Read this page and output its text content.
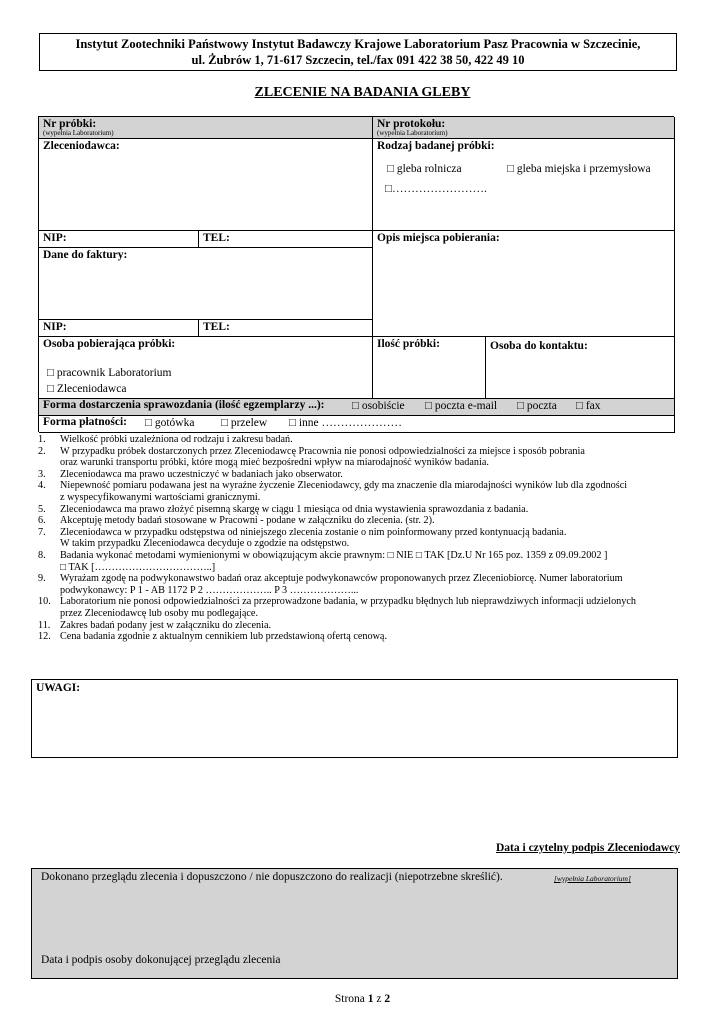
Instytut Zootechniki Państwowy Instytut Badawczy Krajowe Laboratorium Pasz Pracownia w Szczecinie,
ul. Żubrów 1, 71-617 Szczecin, tel./fax 091 422 38 50, 422 49 10
ZLECENIE NA BADANIA GLEBY
Nr próbki:
(wypełnia Laboratorium)
Nr protokołu:
(wypełnia Laboratorium)
Zleceniodawca:	Rodzaj badanej próbki:
□ gleba rolnicza	□ gleba miejska i przemysłowa
□…………………….
NIP:	TEL:	Opis miejsca pobierania:
Dane do faktury:
NIP:	TEL:
Osoba pobierająca próbki:
□ pracownik Laboratorium
□ Zleceniodawca
Ilość próbki:	Osoba do kontaktu:
Forma dostarczenia sprawozdania (ilość egzemplarzy ...): □ osobiście □ poczta e-mail □ poczta □ fax
Forma płatności: □ gotówka □ przelew □ inne …………………
1. Wielkość próbki uzależniona od rodzaju i zakresu badań.
2. W przypadku próbek dostarczonych przez Zleceniodawcę Pracownia nie ponosi odpowiedzialności za miejsce i sposób pobrania
oraz warunki transportu próbki, które mogą mieć bezpośredni wpływ na miarodajność wyników badania.
3. Zleceniodawca ma prawo uczestniczyć w badaniach jako obserwator.
4. Niepewność pomiaru podawana jest na wyraźne życzenie Zleceniodawcy, gdy ma znaczenie dla miarodajności wyników lub dla zgodności
z wyspecyfikowanymi wartościami granicznymi.
5. Zleceniodawca ma prawo złożyć pisemną skargę w ciągu 1 miesiąca od dnia wystawienia sprawozdania z badania.
6. Akceptuję metody badań stosowane w Pracowni - podane w załączniku do zlecenia. (str. 2).
7. Zleceniodawca w przypadku odstępstwa od niniejszego zlecenia zostanie o nim poinformowany przed kontynuacją badania.
W takim przypadku Zleceniodawca decyduje o zgodzie na odstępstwo.
8. Badania wykonać metodami wymienionymi w obowiązującym akcie prawnym: □ NIE □ TAK [Dz.U Nr 165 poz. 1359 z 09.09.2002 ]
□ TAK [……………………………..]
9. Wyrażam zgodę na podwykonawstwo badań oraz akceptuje podwykonawców proponowanych przez Zleceniobiorcę. Numer laboratorium
podwykonawcy: P 1 - AB 1172 P 2 ……………….. P 3 ………………...
10. Laboratorium nie ponosi odpowiedzialności za przeprowadzone badania, w przypadku błędnych lub nieprawdziwych informacji udzielonych
przez Zleceniodawcę lub osoby mu podlegające.
11. Zakres badań podany jest w załączniku do zlecenia.
12. Cena badania zgodnie z aktualnym cennikiem lub przedstawioną ofertą cenową.
UWAGI:
Data i czytelny podpis Zleceniodawcy
Dokonano przeglądu zlecenia i dopuszczono / nie dopuszczono do realizacji (niepotrzebne skreślić).	[wypełnia Laboratorium]
Data i podpis osoby dokonującej przeglądu zlecenia
Strona 1 z 2
